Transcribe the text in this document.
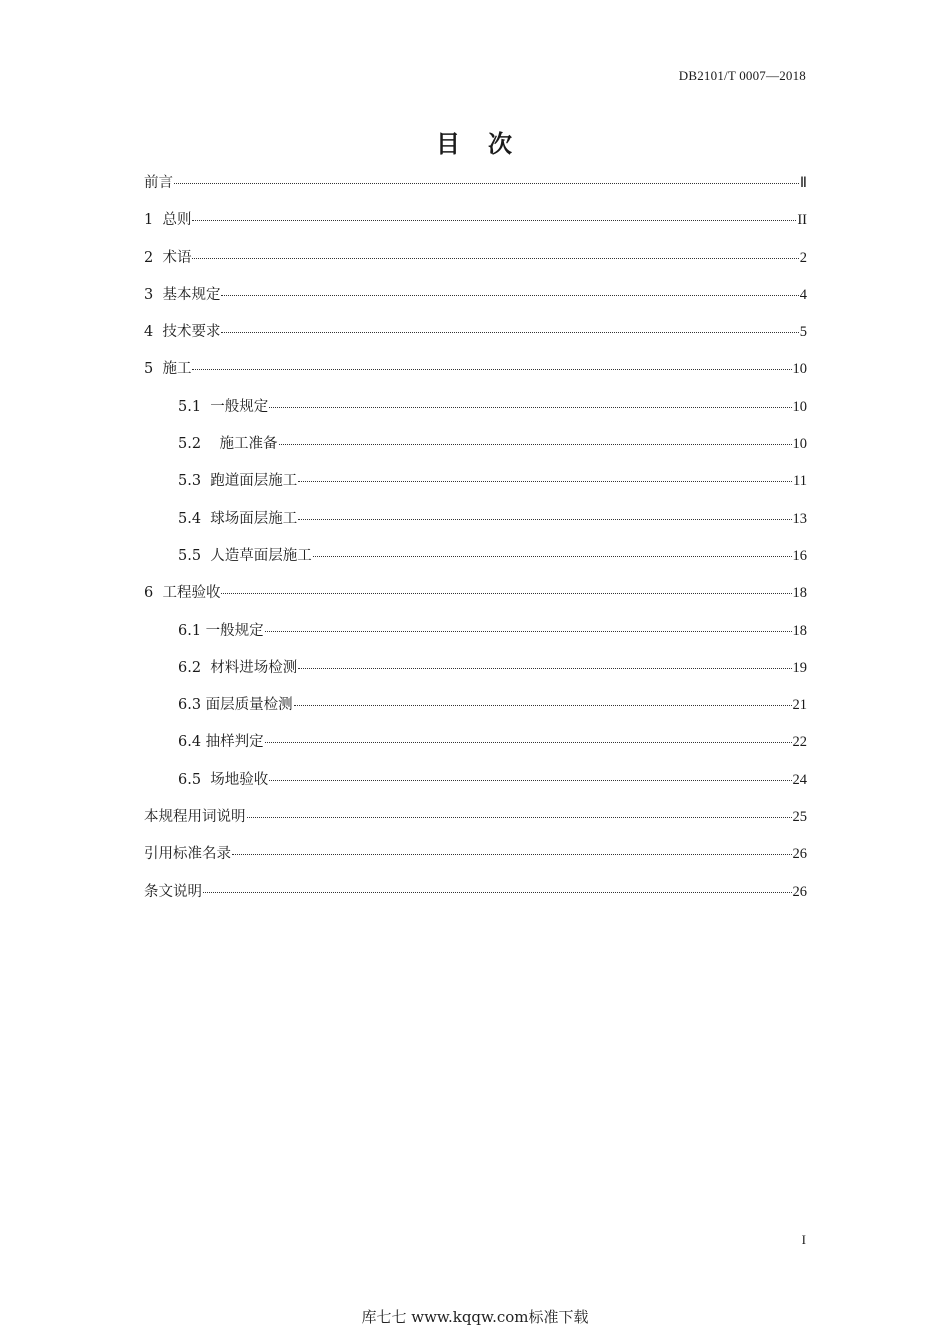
DB2101/T 0007—2018
目　次
前言	Ⅱ
1  总则	II
2  术语	2
3  基本规定	4
4  技术要求	5
5  施工	10
5.1  一般规定	10
5.2    施工准备	10
5.3  跑道面层施工	11
5.4  球场面层施工	13
5.5  人造草面层施工	16
6  工程验收	18
6.1 一般规定	18
6.2  材料进场检测	19
6.3 面层质量检测	21
6.4 抽样判定	22
6.5  场地验收	24
本规程用词说明	25
引用标准名录	26
条文说明	26
I
库七七 www.kqqw.com标准下载
